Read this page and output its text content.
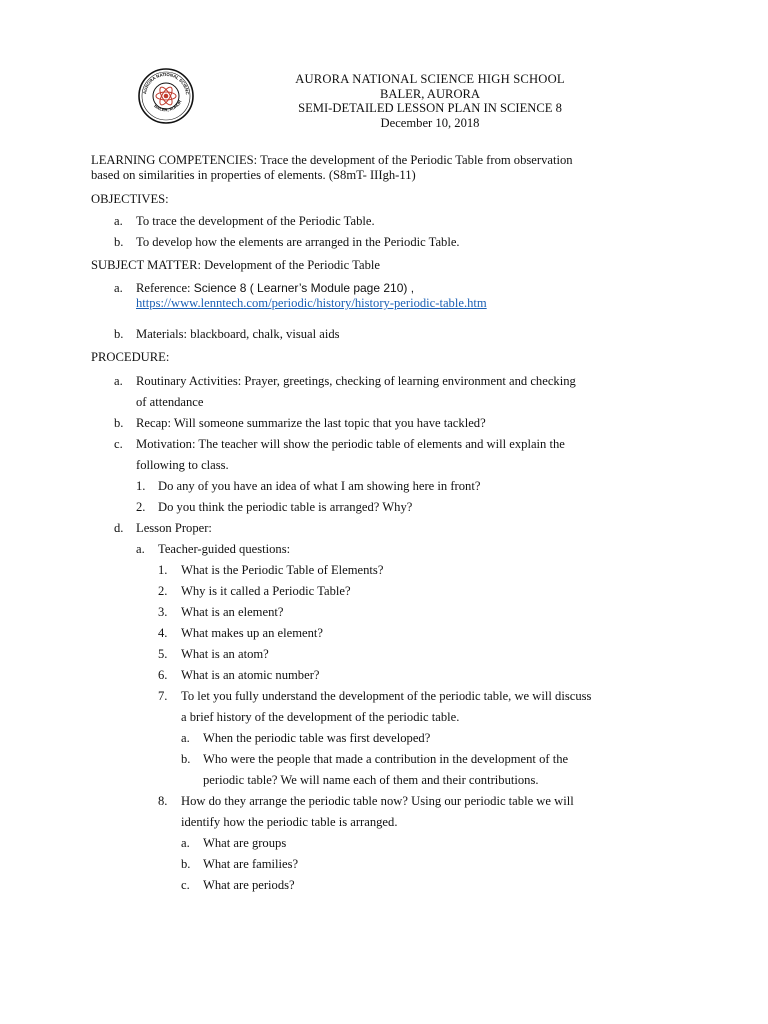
AURORA NATIONAL SCIENC
BALER, AUROR
AURORA NATIONAL SCIENCE HIGH SCHOOL
BALER, AURORA
SEMI-DETAILED LESSON PLAN IN SCIENCE 8
December 10, 2018
LEARNING COMPETENCIES: Trace the development of the Periodic Table from observation
based on similarities in properties of elements. (S8mT- IIIgh-11)
OBJECTIVES:
a. To trace the development of the Periodic Table.
b. To develop how the elements are arranged in the Periodic Table.
SUBJECT MATTER: Development of the Periodic Table
a. Reference: Science 8 ( Learner’s Module page 210) ,
https://www.lenntech.com/periodic/history/history-periodic-table.htm
b. Materials: blackboard, chalk, visual aids
PROCEDURE:
a. Routinary Activities: Prayer, greetings, checking of learning environment and checking
of attendance
b. Recap: Will someone summarize the last topic that you have tackled?
c. Motivation: The teacher will show the periodic table of elements and will explain the
following to class.
1. Do any of you have an idea of what I am showing here in front?
2. Do you think the periodic table is arranged? Why?
d. Lesson Proper:
a. Teacher-guided questions:
1. What is the Periodic Table of Elements?
2. Why is it called a Periodic Table?
3. What is an element?
4. What makes up an element?
5. What is an atom?
6. What is an atomic number?
7. To let you fully understand the development of the periodic table, we will discuss
a brief history of the development of the periodic table.
a. When the periodic table was first developed?
b. Who were the people that made a contribution in the development of the
periodic table? We will name each of them and their contributions.
8. How do they arrange the periodic table now? Using our periodic table we will
identify how the periodic table is arranged.
a. What are groups
b. What are families?
c. What are periods?
